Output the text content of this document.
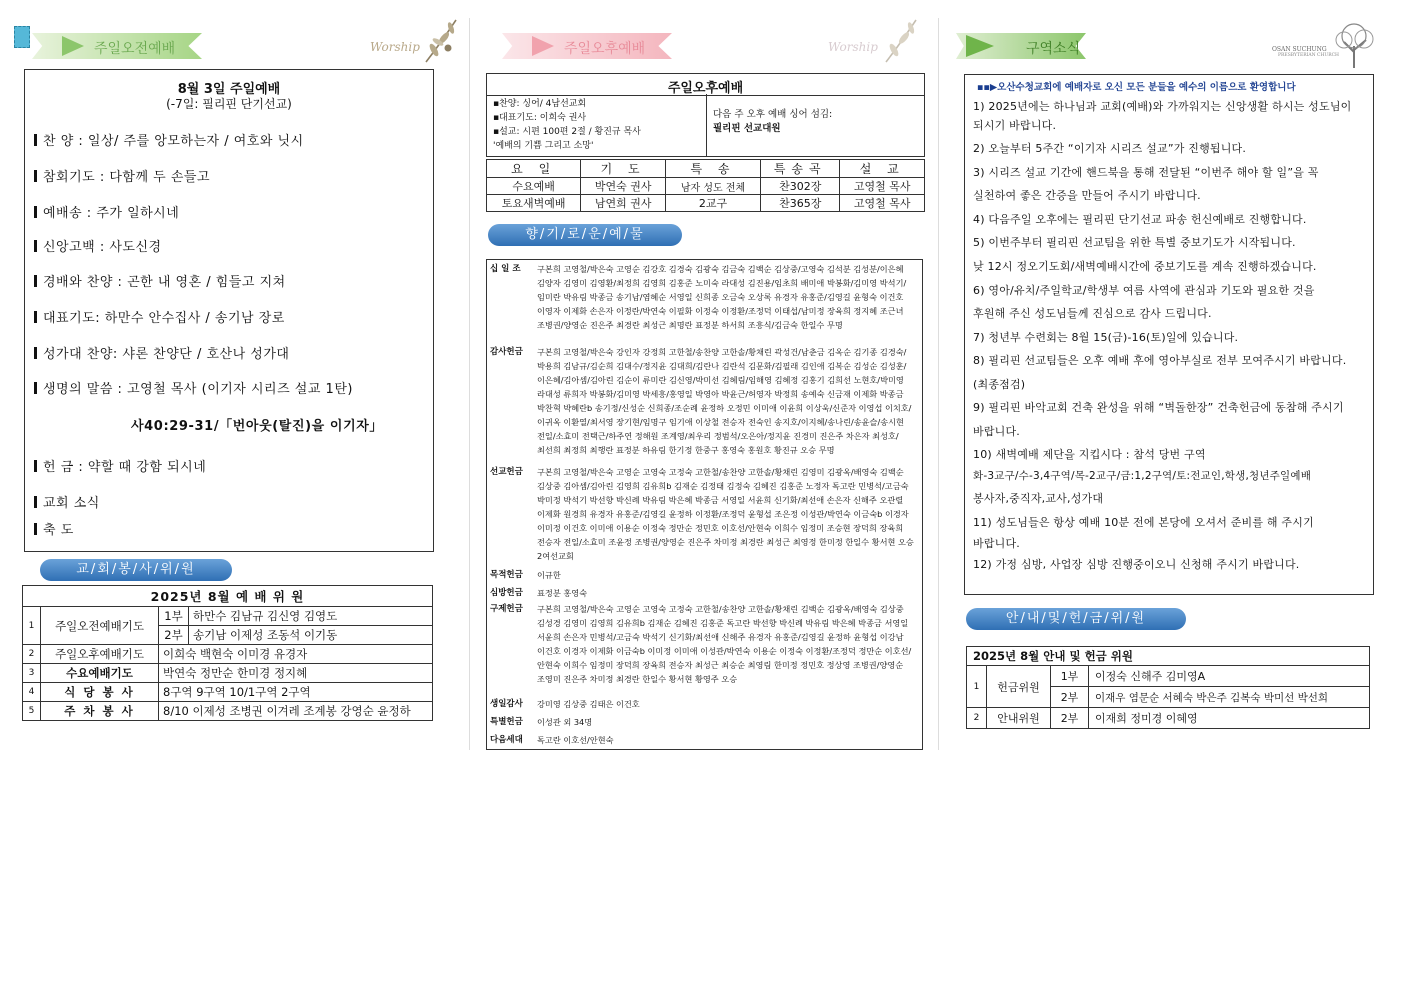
주일오전예배	Worship
8월 3일 주일예배
(-7일: 필리핀 단기선교)
찬 양 : 일상/ 주를 앙모하는자 / 여호와 닛시
참회기도 : 다함께 두 손들고
예배송 : 주가 일하시네
신앙고백 : 사도신경
경배와 찬양 : 곤한 내 영혼 / 힘들고 지쳐
대표기도: 하만수 안수집사 / 송기남 장로
성가대 찬양: 샤론 찬양단 / 호산나 성가대
생명의 말씀 : 고영철 목사 (이기자 시리즈 설교 1탄)
사40:29-31/「번아웃(탈진)을 이기자」
헌 금 : 약할 때 강함 되시네
교회 소식
축 도
교/회/봉/사/위/원
2025년 8월 예 배 위 원			
1	주일오전예배기도	1부	하만수 김남규 김신영 김영도
		2부	송기남 이제성 조동석 이기동
2	주일오후예배기도	이희숙 백현숙 이미경 유경자	
3	수요예배기도	박연숙 정만순 한미경 정지혜	
4	식 당 봉 사	8구역 9구역 10/1구역 2구역	
5	주 차 봉 사	8/10 이제성 조병권 이겨레 조계봉 강영순 윤정하	
주일오후예배	Worship
주일오후예배
▪찬양: 싱어/ 4남선교회
▪대표기도: 이희숙 권사
▪설교: 시편 100편 2절 / 황진규 목사
'예배의 기쁨 그리고 소망'
다음 주 오후 예배 싱어 섬김:
필리핀 선교대원
요 일	기 도	특 송	특송곡	설 교
수요예배	박연숙 권사	남자 성도 전체	찬302장	고영철 목사
토요새벽예배	남연희 권사	2교구	찬365장	고영철 목사
향/기/로/운/예/물
십 일 조	구본희 고영철/박은숙 고영순 김강호 김경숙 김광숙 김금숙 김백순 김상중/고영숙 김석분 김성분/이은혜 김양자 김영미 김영환/최정희 김영희 김홍준 노미숙 라대성 김진용/임초희 배미애 박봉화/김미영 박석기/임미란 박유림 박종금 송기남/염혜순 서영일 신희종 오금숙 오상록 유경자 유홍준/김영길 윤형숙 이건호 이영자 이제화 손은자 이정란/박연숙 이필화 이정숙 이정환/조정덕 이태섭/남미정 장육희 정지혜 조근녀 조병권/양영순 진은주 최경란 최성근 최명란 표정분 하서희 조흥식/김금숙 한일수 무명
감사헌금	구본희 고영철/박은숙 강인자 강정희 고한철/송찬양 고한솔/황채린 곽성건/남춘금 김옥순 김기종 김경숙/박용희 김남규/김순희 김대수/정지윤 김대희/김란나 김란석 김문화/김필래 김인애 김복순 김성순 김성훈/이은혜/김아셈/김아린 김순이 류미란 김신영/박미선 김혜림/임해영 김혜정 김홍기 김희선 노현호/박미영 라대성 류희자 박봉화/김미영 박세흥/홍영일 박영아 박윤근/허영자 박정희 송예숙 신금재 이제화 박종금 박찬혁 박혜란b 송기정/신성순 신희종/조순례 윤정하 오정민 이미애 이윤희 이상욱/신준자 이영섭 이치호/이귀옥 이환열/최서영 장기현/임명구 임기애 이상철 전승자 전숙인 송지호/이지혜/송나린/송윤슬/송시현 전일/소효미 전택근/하주연 정해원 조계영/최우리 정범석/오은아/정지윤 진경미 진은주 차은자 최성호/최선희 최정희 최행란 표정분 하유림 한기정 한중구 홍영숙 홍원호 황진규 오승 무명
선교헌금	구본희 고영철/박은숙 고영순 고영숙 고정숙 고한철/송찬양 고한솔/황채린 김영미 김광옥/배영숙 김백순 김상중 김아셈/김아린 김영희 김유희b 김재순 김정태 김정숙 김혜진 김홍준 노정자 독고란 민병석/고금숙 박미정 박석기 박선향 박신례 박유림 박은혜 박종금 서영일 서윤희 신기화/최선애 손은자 신해주 오관렬 이제화 원경희 유경자 유홍준/김영길 윤정하 이정환/조정덕 윤형섭 조은정 이성관/박연숙 이금숙b 이경자 이미정 이건호 이미애 이용순 이정숙 정만순 정민호 이호선/안현숙 이희수 임정미 조승현 장덕희 장육희 전승자 전일/소효미 조윤정 조병권/양영순 진은주 차미정 최경란 최성근 최영정 한미정 한일수 황서현 오승 2여선교회
목적헌금	이규한
심방헌금	표정분 홍영숙
구제헌금	구본희 고영철/박은숙 고영순 고영숙 고정숙 고한철/송찬양 고한솔/황채린 김백순 김광옥/배영숙 김상중 김성경 김영미 김영희 김유희b 김재순 김혜진 김홍준 독고란 박선향 박신례 박유림 박은혜 박종금 서영일 서윤희 손은자 민병석/고금숙 박석기 신기화/최선애 신해주 유경자 유홍준/김영길 윤정하 윤형섭 이강남 이건호 이경자 이제화 이금숙b 이미정 이미애 이성관/박연숙 이용순 이정숙 이정환/조정덕 정만순 이호선/안현숙 이희수 임정미 장덕희 장육희 전승자 최성근 최승순 최영림 한미정 정민호 정상영 조병권/양영순 조영미 진은주 차미정 최경란 한일수 황서현 황영주 오승
생일감사	강미영 김상중 김태은 이건호
특별헌금	이성관 외 34명
다음세대	독고란 이호선/안현숙
구역소식	OSAN SUCHUNG
PRESBYTERIAN CHURCH
▪▪▶오산수청교회에 예배자로 오신 모든 분들을 예수의 이름으로 환영합니다
1) 2025년에는 하나님과 교회(예배)와 가까워지는 신앙생활 하시는 성도님이
되시기 바랍니다.
2) 오늘부터 5주간 “이기자 시리즈 설교”가 진행됩니다.
3) 시리즈 설교 기간에 핸드북을 통해 전달된 “이번주 해야 할 일”을 꼭
실천하여 좋은 간증을 만들어 주시기 바랍니다.
4) 다음주일 오후에는 필리핀 단기선교 파송 헌신예배로 진행합니다.
5) 이번주부터 필리핀 선교팀을 위한 특별 중보기도가 시작됩니다.
낮 12시 정오기도회/새벽예배시간에 중보기도를 계속 진행하겠습니다.
6) 영아/유치/주일학교/학생부 여름 사역에 관심과 기도와 필요한 것을
후원해 주신 성도님들께 진심으로 감사 드립니다.
7) 청년부 수련회는 8월 15(금)-16(토)일에 있습니다.
8) 필리핀 선교팀들은 오후 예배 후에 영아부실로 전부 모여주시기 바랍니다.
(최종점검)
9) 필리핀 바악교회 건축 완성을 위해 “벽돌한장” 건축헌금에 동참해 주시기
바랍니다.
10) 새벽예배 제단을 지킵시다 : 참석 당번 구역
화-3교구/수-3,4구역/목-2교구/금:1,2구역/토:전교인,학생,청년주일예배
봉사자,중직자,교사,성가대
11) 성도님들은 항상 예배 10분 전에 본당에 오셔서 준비를 해 주시기
바랍니다.
12) 가정 심방, 사업장 심방 진행중이오니 신청해 주시기 바랍니다.
안/내/및/헌/금/위/원
2025년 8월 안내 및 헌금 위원			
1	헌금위원	1부	이정숙 신해주 김미영A
		2부	이재우 염문순 서혜숙 박은주 김복숙 박미선 박선희
2	안내위원	2부	이재희 정미경 이혜영
